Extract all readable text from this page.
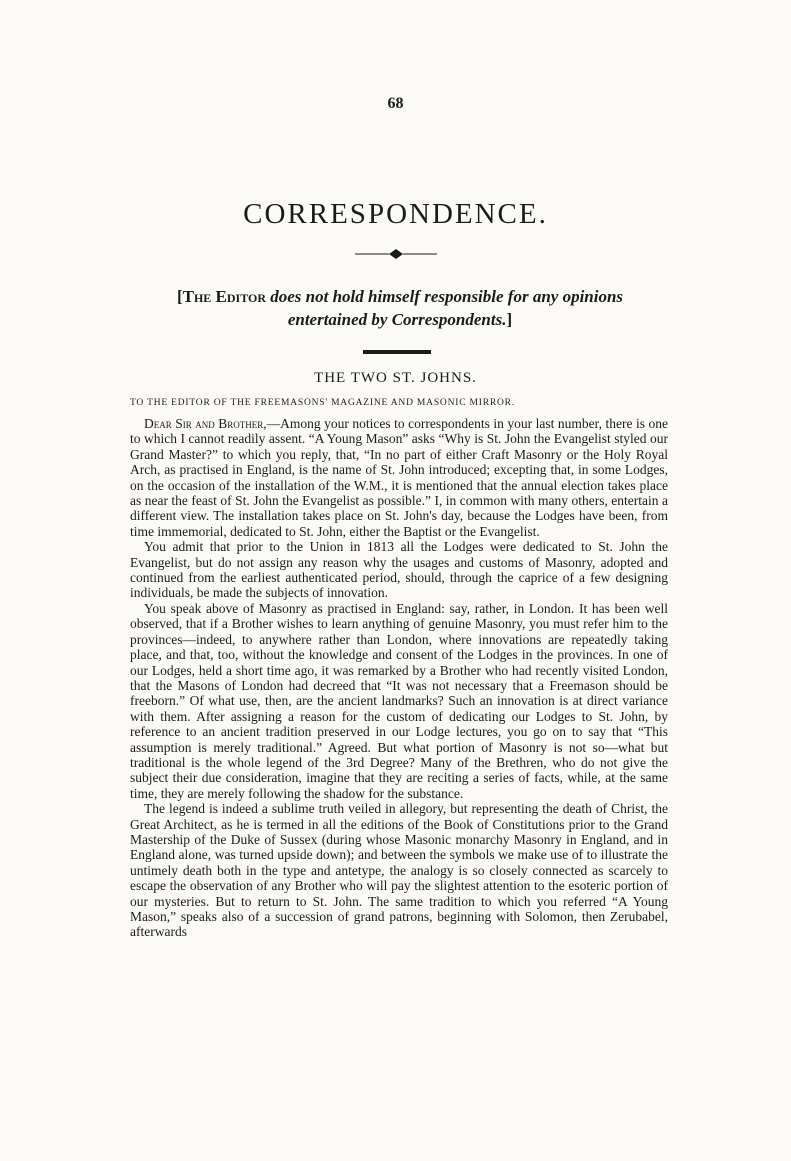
68
CORRESPONDENCE.
[The Editor does not hold himself responsible for any opinions entertained by Correspondents.]
THE TWO ST. JOHNS.
TO THE EDITOR OF THE FREEMASONS' MAGAZINE AND MASONIC MIRROR.

Dear Sir and Brother,—Among your notices to correspondents in your last number, there is one to which I cannot readily assent. “A Young Mason” asks “Why is St. John the Evangelist styled our Grand Master?” to which you reply, that, “In no part of either Craft Masonry or the Holy Royal Arch, as practised in England, is the name of St. John introduced; excepting that, in some Lodges, on the occasion of the installation of the W.M., it is mentioned that the annual election takes place as near the feast of St. John the Evangelist as possible.” I, in common with many others, entertain a different view. The installation takes place on St. John's day, because the Lodges have been, from time immemorial, dedicated to St. John, either the Baptist or the Evangelist.

You admit that prior to the Union in 1813 all the Lodges were dedicated to St. John the Evangelist, but do not assign any reason why the usages and customs of Masonry, adopted and continued from the earliest authenticated period, should, through the caprice of a few designing individuals, be made the subjects of innovation.

You speak above of Masonry as practised in England: say, rather, in London. It has been well observed, that if a Brother wishes to learn anything of genuine Masonry, you must refer him to the provinces—indeed, to anywhere rather than London, where innovations are repeatedly taking place, and that, too, without the knowledge and consent of the Lodges in the provinces. In one of our Lodges, held a short time ago, it was remarked by a Brother who had recently visited London, that the Masons of London had decreed that “It was not necessary that a Freemason should be freeborn.” Of what use, then, are the ancient landmarks? Such an innovation is at direct variance with them. After assigning a reason for the custom of dedicating our Lodges to St. John, by reference to an ancient tradition preserved in our Lodge lectures, you go on to say that “This assumption is merely traditional.” Agreed. But what portion of Masonry is not so—what but traditional is the whole legend of the 3rd Degree? Many of the Brethren, who do not give the subject their due consideration, imagine that they are reciting a series of facts, while, at the same time, they are merely following the shadow for the substance.

The legend is indeed a sublime truth veiled in allegory, but representing the death of Christ, the Great Architect, as he is termed in all the editions of the Book of Constitutions prior to the Grand Mastership of the Duke of Sussex (during whose Masonic monarchy Masonry in England, and in England alone, was turned upside down); and between the symbols we make use of to illustrate the untimely death both in the type and antetype, the analogy is so closely connected as scarcely to escape the observation of any Brother who will pay the slightest attention to the esoteric portion of our mysteries. But to return to St. John. The same tradition to which you referred “A Young Mason,” speaks also of a succession of grand patrons, beginning with Solomon, then Zerubabel, afterwards
